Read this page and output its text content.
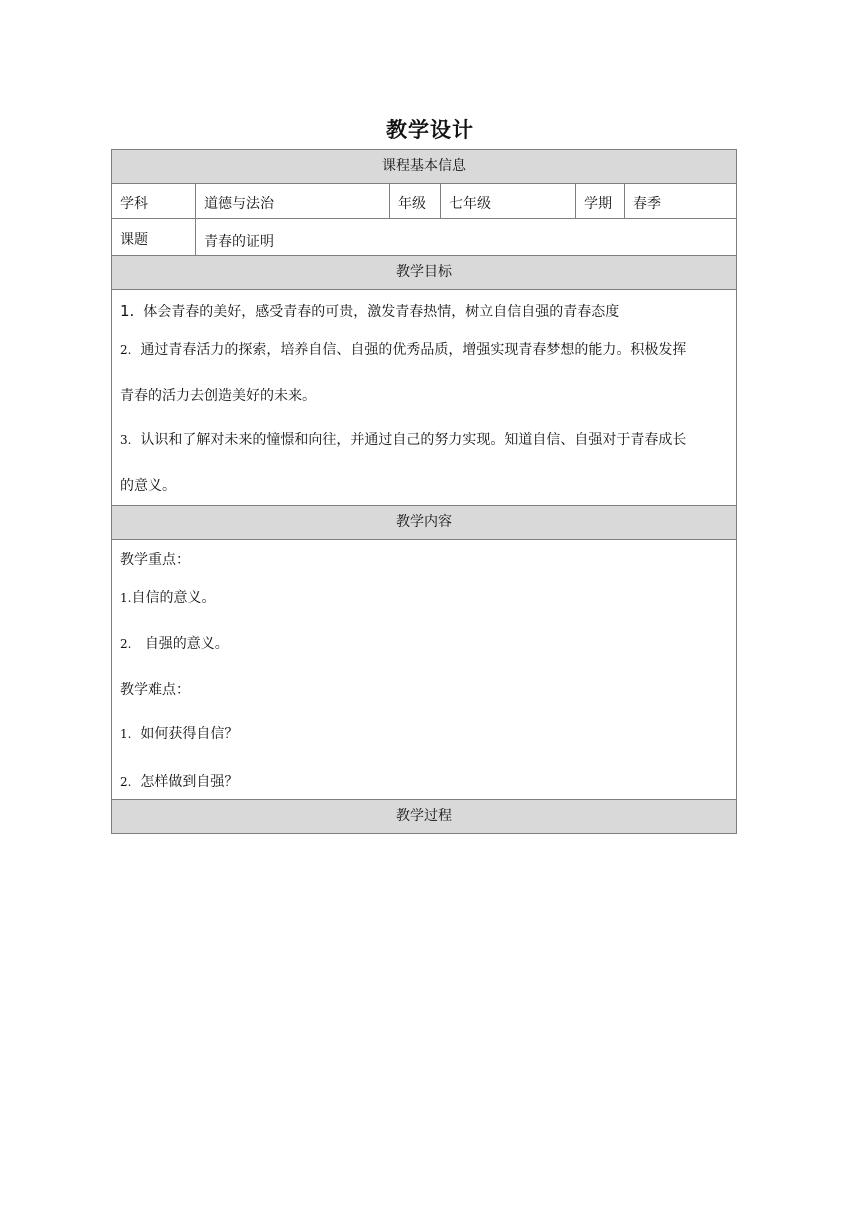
教学设计
课程基本信息
学科	道德与法治	年级 七年级	学期 春季
课题	青春的证明
教学目标
1. 体会青春的美好，感受青春的可贵，激发青春热情，树立自信自强的青春态度
2. 通过青春活力的探索，培养自信、自强的优秀品质，增强实现青春梦想的能力。积极发挥
青春的活力去创造美好的未来。
3. 认识和了解对未来的憧憬和向往，并通过自己的努力实现。知道自信、自强对于青春成长
的意义。
教学内容
教学重点：
1.自信的意义。
2. 自强的意义。
教学难点：
1. 如何获得自信？
2. 怎样做到自强？
教学过程
